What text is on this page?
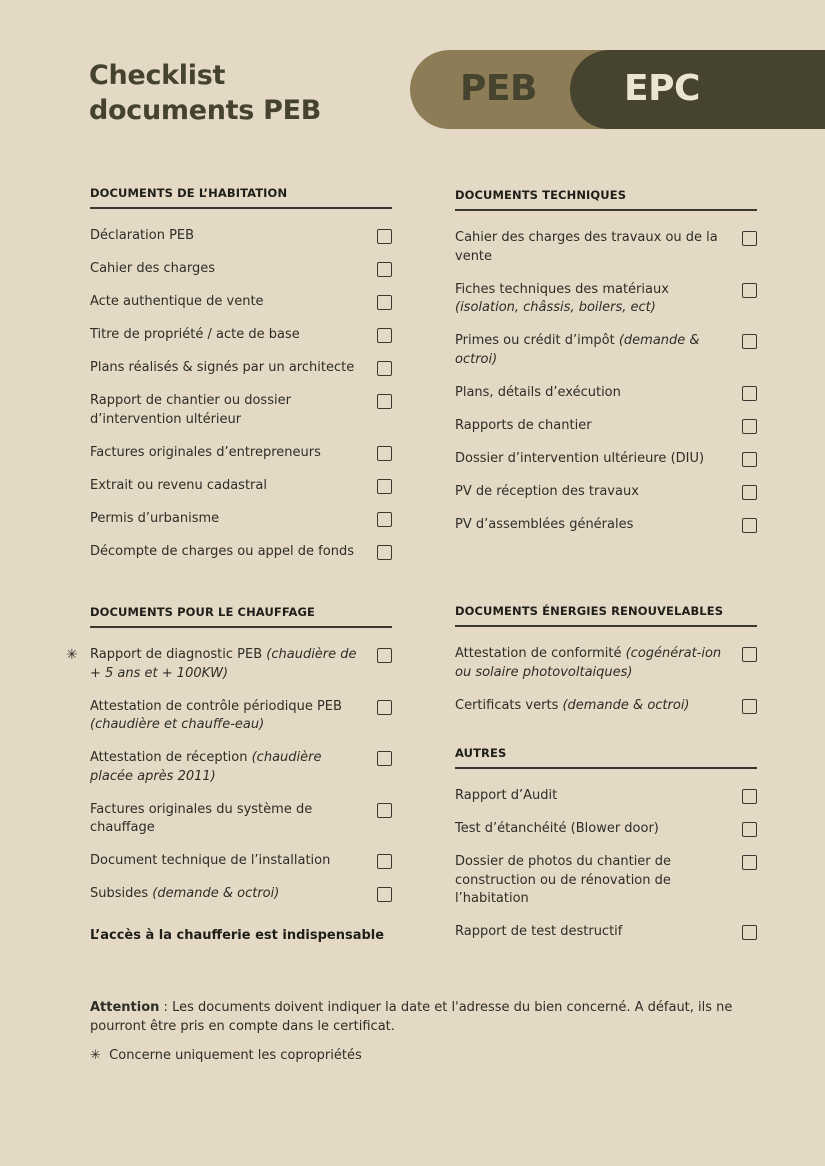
Checklist
documents PEB
PEB EPC
DOCUMENTS DE L’HABITATION
Déclaration PEB
Cahier des charges
Acte authentique de vente
Titre de propriété / acte de base
Plans réalisés & signés par un architecte
Rapport de chantier ou dossier d’intervention ultérieur
Factures originales d’entrepreneurs
Extrait ou revenu cadastral
Permis d’urbanisme
Décompte de charges ou appel de fonds
DOCUMENTS POUR LE CHAUFFAGE
✳ Rapport de diagnostic PEB (chaudière de + 5 ans et + 100KW)
Attestation de contrôle périodique PEB (chaudière et chauffe-eau)
Attestation de réception (chaudière placée après 2011)
Factures originales du système de chauffage
Document technique de l’installation
Subsides (demande & octroi)
L’accès à la chaufferie est indispensable
DOCUMENTS TECHNIQUES
Cahier des charges des travaux ou de la vente
Fiches techniques des matériaux (isolation, châssis, boilers, ect)
Primes ou crédit d’impôt (demande & octroi)
Plans, détails d’exécution
Rapports de chantier
Dossier d’intervention ultérieure (DIU)
PV de réception des travaux
PV d’assemblées générales
DOCUMENTS ÉNERGIES RENOUVELABLES
Attestation de conformité (cogénérat-ion ou solaire photovoltaiques)
Certificats verts (demande & octroi)
AUTRES
Rapport d’Audit
Test d’étanchéité (Blower door)
Dossier de photos du chantier de construction ou de rénovation de l’habitation
Rapport de test destructif
Attention : Les documents doivent indiquer la date et l'adresse du bien concerné. A défaut, ils ne pourront être pris en compte dans le certificat.
✳ Concerne uniquement les copropriétés
